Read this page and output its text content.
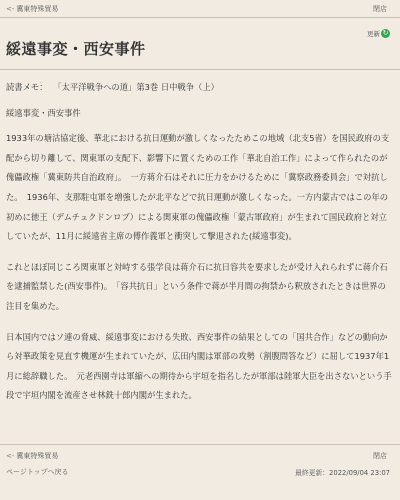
<- 冀東特殊貿易	閉店
綏遠事変・西安事件
更新 ↻

読書メモ： 「太平洋戦争への道」第3巻 日中戦争（上）

綏遠事変・西安事件

1933年の塘沽協定後、華北における抗日運動が激しくなったためこの地域（北支5省）を国民政府の支配から切り離して、関東軍の支配下、影響下に置くための工作「華北自治工作」によって作られたのが傀儡政権「冀東防共自治政府」。　一方蒋介石はそれに圧力をかけるために「冀察政務委員会」で対抗した。　1936年、支那駐屯軍を増強したが北平などで抗日運動が激しくなった。一方内蒙古ではこの年の初めに徳王（デムチュクドンロブ）による関東軍の傀儡政権「蒙古軍政府」が生まれて国民政府と対立していたが、11月に綏遠省主席の傅作義軍と衝突して撃退された(綏遠事変)。

これとほぼ同じころ関東軍と対峙する張学良は蒋介石に抗日容共を要求したが受け入れられずに蒋介石を逮捕監禁した(西安事件)。　「容共抗日」という条件で蒋が半月間の拘禁から釈放されたときは世界の注目を集めた。

日本国内ではソ連の脅威、綏遠事変における失敗、西安事件の結果としての「国共合作」などの動向から対華政策を見直す機運が生まれていたが、広田内閣は軍部の攻勢（割腹問答など）に屈して1937年1月に総辞職した。　元老西園寺は軍縮への期待から宇垣を指名したが軍部は陸軍大臣を出さないという手段で宇垣内閣を流産させ林銑十郎内閣が生まれた。

<- 冀東特殊貿易	閉店
ページトップへ戻る	最終更新：2022/09/04 23:07
